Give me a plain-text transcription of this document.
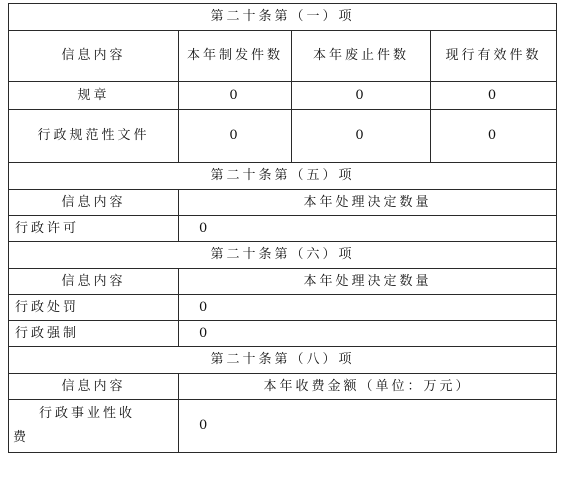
第二十条第（一）项			
信息内容	本年制发件数	本年废止件数	现行有效件数
规章	0	0	0
行政规范性文件	0	0	0
第二十条第（五）项			
信息内容	本年处理决定数量		
行政许可	0		
第二十条第（六）项			
信息内容	本年处理决定数量		
行政处罚	0		
行政强制	0		
第二十条第（八）项			
信息内容	本年收费金额（单位：万元）		

行政事业性收
费	0		
